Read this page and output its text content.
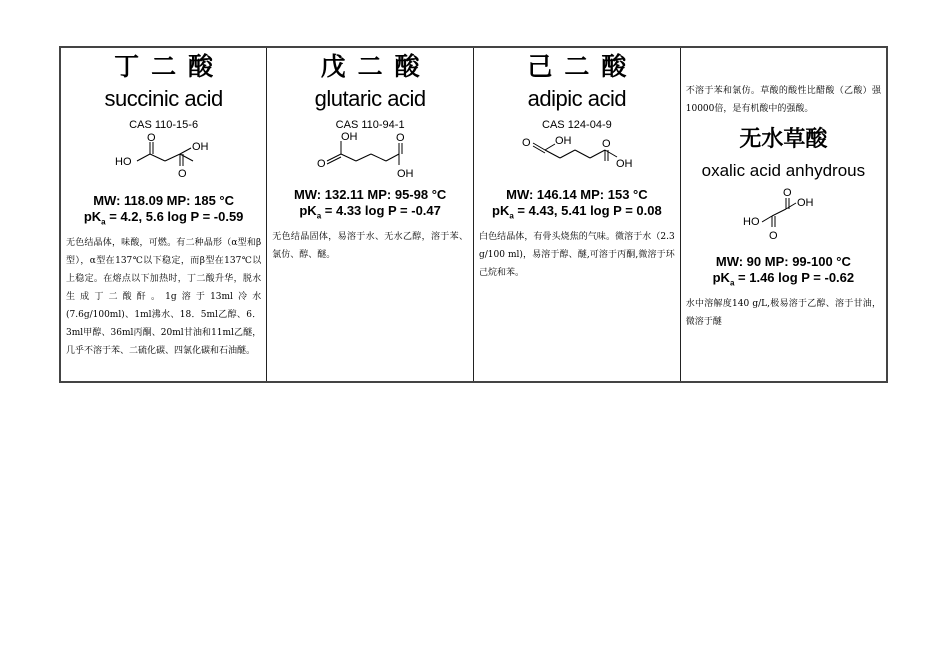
丁二酸
succinic acid
CAS 110-15-6
HO
O
OH
O
MW: 118.09 MP: 185 °C
$pK_a = 4.2$, 5.6 log P = -0.59
无色结晶体，味酸，可燃。有二种晶形（α型和β型），α型在137℃以下稳定，而β型在137℃以上稳定。在熔点以下加热时，丁二酸升华，脱水生成丁二酸酐。1g溶于13ml冷水(7.6g/100ml)、1ml沸水、18．5ml乙醇、6．3ml甲醇、36ml丙酮、20ml甘油和11ml乙醚，几乎不溶于苯、二硫化碳、四氯化碳和石油醚。

戊二酸
glutaric acid
CAS 110-94-1
O
OH	O
OH
MW: 132.11 MP: 95-98 °C
$pK_a = 4.33$ log P = -0.47
无色结晶固体，易溶于水、无水乙醇，溶于苯、氯仿、醇、醚。

己二酸
adipic acid
CAS 124-04-9
O OH	O
OH
MW: 146.14 MP: 153 °C
$pK_a = 4.43$, 5.41 log P = 0.08
白色结晶体，有骨头烧焦的气味。微溶于水（2.3 g/100 ml)，易溶于醇、醚,可溶于丙酮,微溶于环己烷和苯。

不溶于苯和氯仿。草酸的酸性比醋酸（乙酸）强10000倍，是有机酸中的强酸。
无水草酸
oxalic acid anhydrous
O
OH
HO
O
MW: 90 MP: 99-100 °C
$pK_a = 1.46$ log P = -0.62
水中溶解度140 g/L,极易溶于乙醇、溶于甘油，微溶于醚
